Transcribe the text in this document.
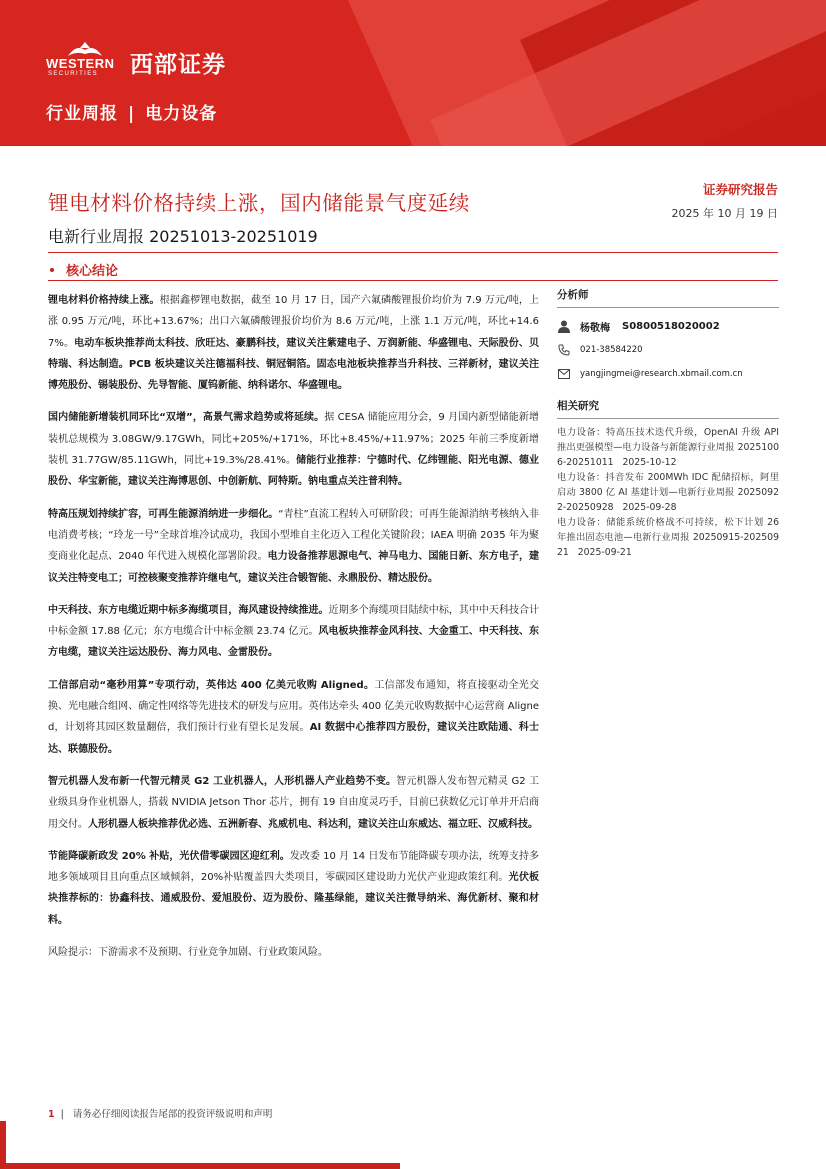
WESTERN
SECURITIES 西部证券
行业周报 | 电力设备
锂电材料价格持续上涨，国内储能景气度延续
电新行业周报 20251013-20251019
证券研究报告
2025 年 10 月 19 日
核心结论

锂电材料价格持续上涨。根据鑫椤锂电数据，截至 10 月 17 日，国产六氟磷酸锂报价均价为 7.9 万元/吨，上涨 0.95 万元/吨，环比+13.67%；出口六氟磷酸锂报价均价为 8.6 万元/吨，上涨 1.1 万元/吨，环比+14.67%。电动车板块推荐尚太科技、欣旺达、豪鹏科技，建议关注紫建电子、万润新能、华盛锂电、天际股份、贝特瑞、科达制造。PCB 板块建议关注德福科技、铜冠铜箔。固态电池板块推荐当升科技、三祥新材，建议关注博苑股份、锡装股份、先导智能、厦钨新能、纳科诺尔、华盛锂电。

国内储能新增装机同环比“双增”，高景气需求趋势或将延续。据 CESA 储能应用分会，9 月国内新型储能新增装机总规模为 3.08GW/9.17GWh，同比+205%/+171%，环比+8.45%/+11.97%；2025 年前三季度新增装机 31.77GW/85.11GWh，同比+19.3%/28.41%。储能行业推荐：宁德时代、亿纬锂能、阳光电源、德业股份、华宝新能，建议关注海博思创、中创新航、阿特斯。钠电重点关注普利特。

特高压规划持续扩容，可再生能源消纳进一步细化。“青柱”直流工程转入可研阶段；可再生能源消纳考核纳入非电消费考核；“玲龙一号”全球首堆冷试成功，我国小型堆自主化迈入工程化关键阶段；IAEA 明确 2035 年为聚变商业化起点、2040 年代进入规模化部署阶段。电力设备推荐思源电气、神马电力、国能日新、东方电子，建议关注特变电工；可控核聚变推荐许继电气，建议关注合锻智能、永鼎股份、精达股份。

中天科技、东方电缆近期中标多海缆项目，海风建设持续推进。近期多个海缆项目陆续中标，其中中天科技合计中标金额 17.88 亿元；东方电缆合计中标金额 23.74 亿元。风电板块推荐金风科技、大金重工、中天科技、东方电缆，建议关注运达股份、海力风电、金雷股份。

工信部启动“毫秒用算”专项行动，英伟达 400 亿美元收购 Aligned。工信部发布通知，将直接驱动全光交换、光电融合组网、确定性网络等先进技术的研发与应用。英伟达牵头 400 亿美元收购数据中心运营商 Aligned，计划将其园区数量翻倍，我们预计行业有望长足发展。AI 数据中心推荐四方股份，建议关注欧陆通、科士达、联德股份。

智元机器人发布新一代智元精灵 G2 工业机器人，人形机器人产业趋势不变。智元机器人发布智元精灵 G2 工业级具身作业机器人，搭载 NVIDIA Jetson Thor 芯片，拥有 19 自由度灵巧手，目前已获数亿元订单并开启商用交付。人形机器人板块推荐优必选、五洲新春、兆威机电、科达利，建议关注山东威达、福立旺、汉威科技。

节能降碳新政发 20% 补贴，光伏借零碳园区迎红利。发改委 10 月 14 日发布节能降碳专项办法，统筹支持多地多领域项目且向重点区域倾斜，20%补贴覆盖四大类项目，零碳园区建设助力光伏产业迎政策红利。光伏板块推荐标的：协鑫科技、通威股份、爱旭股份、迈为股份、隆基绿能，建议关注微导纳米、海优新材、聚和材料。

风险提示：下游需求不及预期、行业竞争加剧、行业政策风险。

分析师
杨敬梅 S0800518020002
021-38584220
yangjingmei@research.xbmail.com.cn
相关研究
电力设备：特高压技术迭代升级，OpenAI 升级 API 推出更强模型—电力设备与新能源行业周报 20251006-20251011 2025-10-12
电力设备：抖音发布 200MWh IDC 配储招标，阿里启动 3800 亿 AI 基建计划—电新行业周报 20250922-20250928 2025-09-28
电力设备：储能系统价格战不可持续，松下计划 26 年推出固态电池—电新行业周报 20250915-20250921 2025-09-21
1 | 请务必仔细阅读报告尾部的投资评级说明和声明
